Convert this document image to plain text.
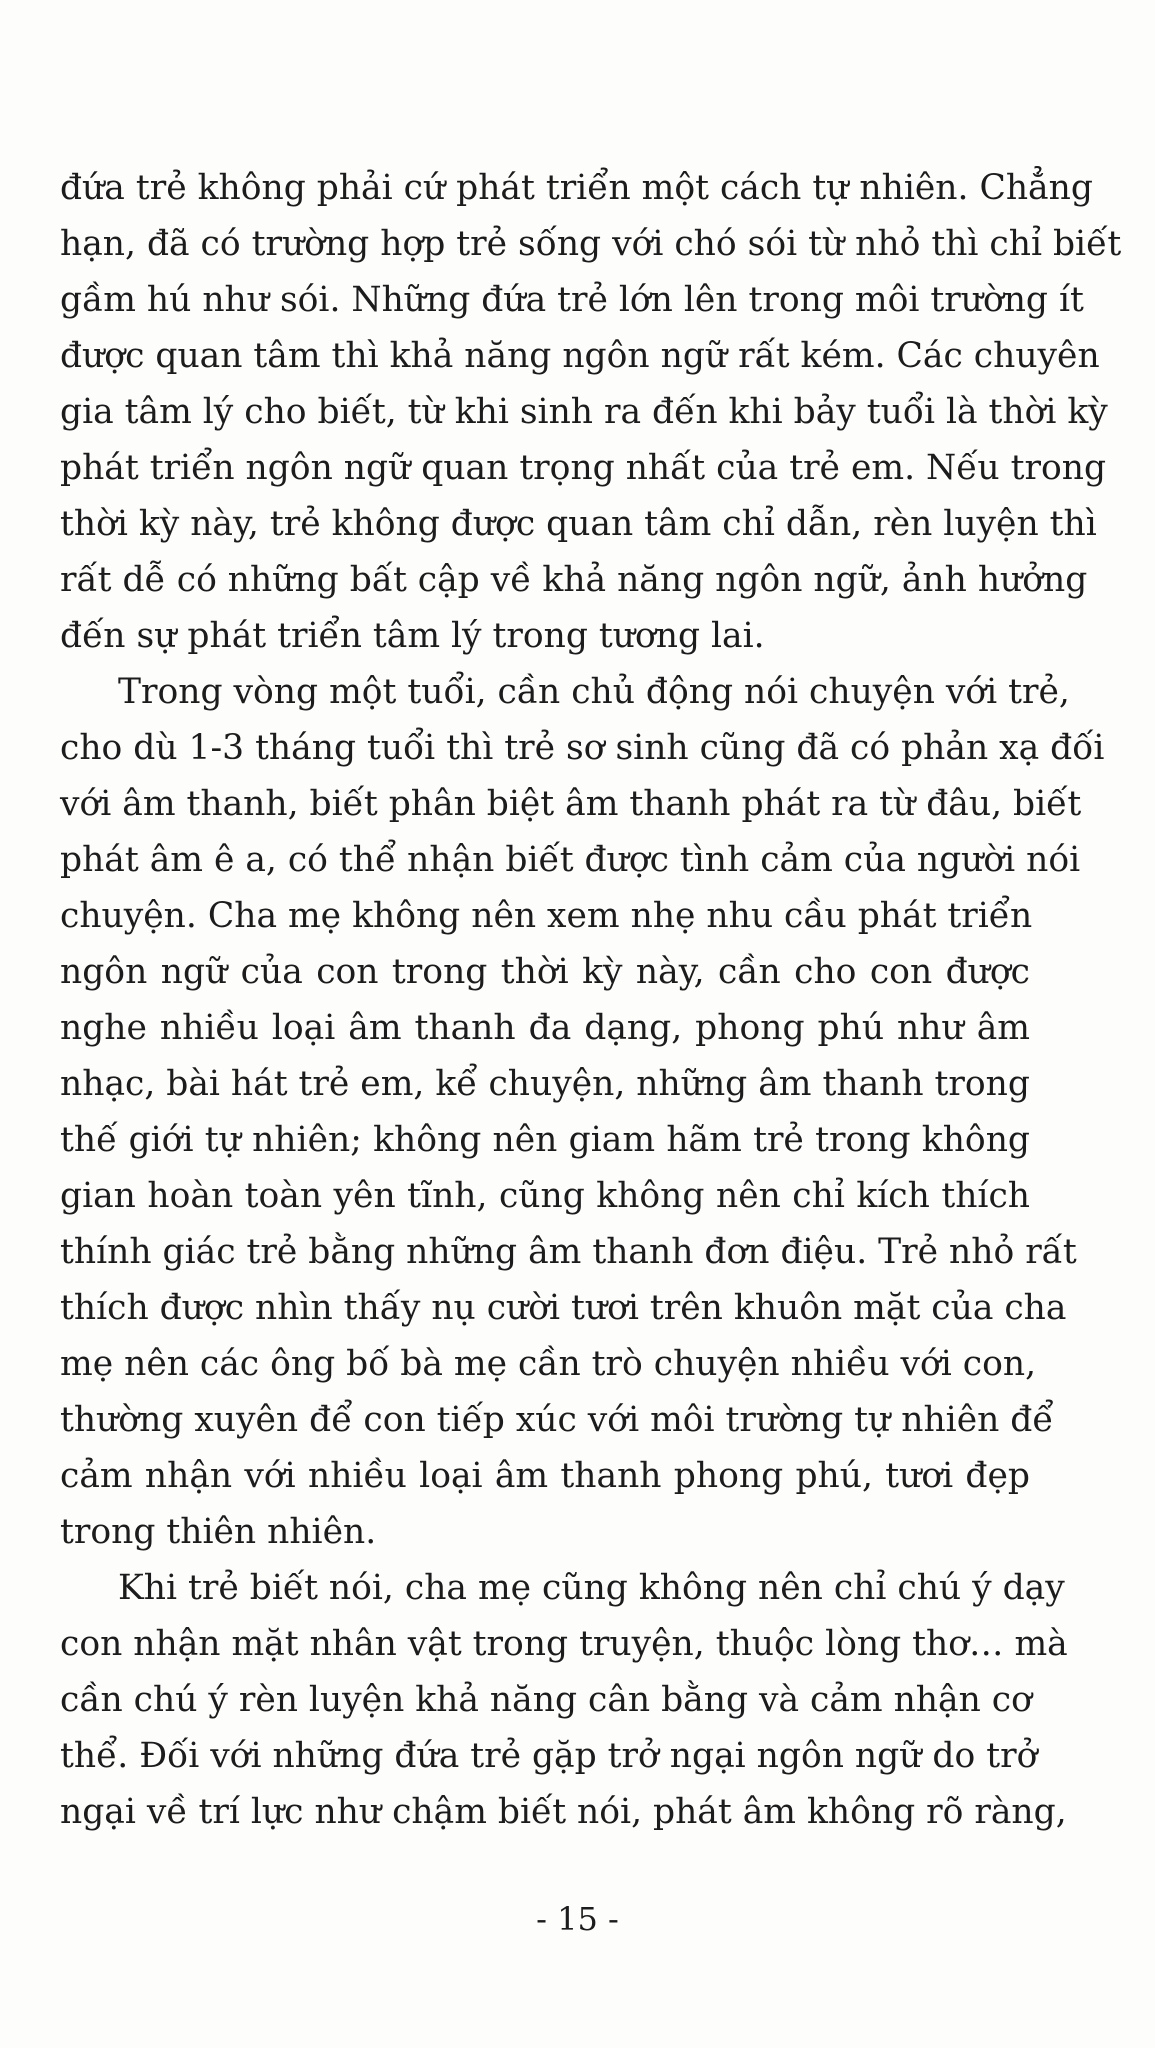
đứa trẻ không phải cứ phát triển một cách tự nhiên. Chẳng
hạn, đã có trường hợp trẻ sống với chó sói từ nhỏ thì chỉ biết
gầm hú như sói. Những đứa trẻ lớn lên trong môi trường ít
được quan tâm thì khả năng ngôn ngữ rất kém. Các chuyên
gia tâm lý cho biết, từ khi sinh ra đến khi bảy tuổi là thời kỳ
phát triển ngôn ngữ quan trọng nhất của trẻ em. Nếu trong
thời kỳ này, trẻ không được quan tâm chỉ dẫn, rèn luyện thì
rất dễ có những bất cập về khả năng ngôn ngữ, ảnh hưởng
đến sự phát triển tâm lý trong tương lai.
Trong vòng một tuổi, cần chủ động nói chuyện với trẻ,
cho dù 1-3 tháng tuổi thì trẻ sơ sinh cũng đã có phản xạ đối
với âm thanh, biết phân biệt âm thanh phát ra từ đâu, biết
phát âm ê a, có thể nhận biết được tình cảm của người nói
chuyện. Cha mẹ không nên xem nhẹ nhu cầu phát triển
ngôn ngữ của con trong thời kỳ này, cần cho con được
nghe nhiều loại âm thanh đa dạng, phong phú như âm
nhạc, bài hát trẻ em, kể chuyện, những âm thanh trong
thế giới tự nhiên; không nên giam hãm trẻ trong không
gian hoàn toàn yên tĩnh, cũng không nên chỉ kích thích
thính giác trẻ bằng những âm thanh đơn điệu. Trẻ nhỏ rất
thích được nhìn thấy nụ cười tươi trên khuôn mặt của cha
mẹ nên các ông bố bà mẹ cần trò chuyện nhiều với con,
thường xuyên để con tiếp xúc với môi trường tự nhiên để
cảm nhận với nhiều loại âm thanh phong phú, tươi đẹp
trong thiên nhiên.
Khi trẻ biết nói, cha mẹ cũng không nên chỉ chú ý dạy
con nhận mặt nhân vật trong truyện, thuộc lòng thơ… mà
cần chú ý rèn luyện khả năng cân bằng và cảm nhận cơ
thể. Đối với những đứa trẻ gặp trở ngại ngôn ngữ do trở
ngại về trí lực như chậm biết nói, phát âm không rõ ràng,
- 15 -
